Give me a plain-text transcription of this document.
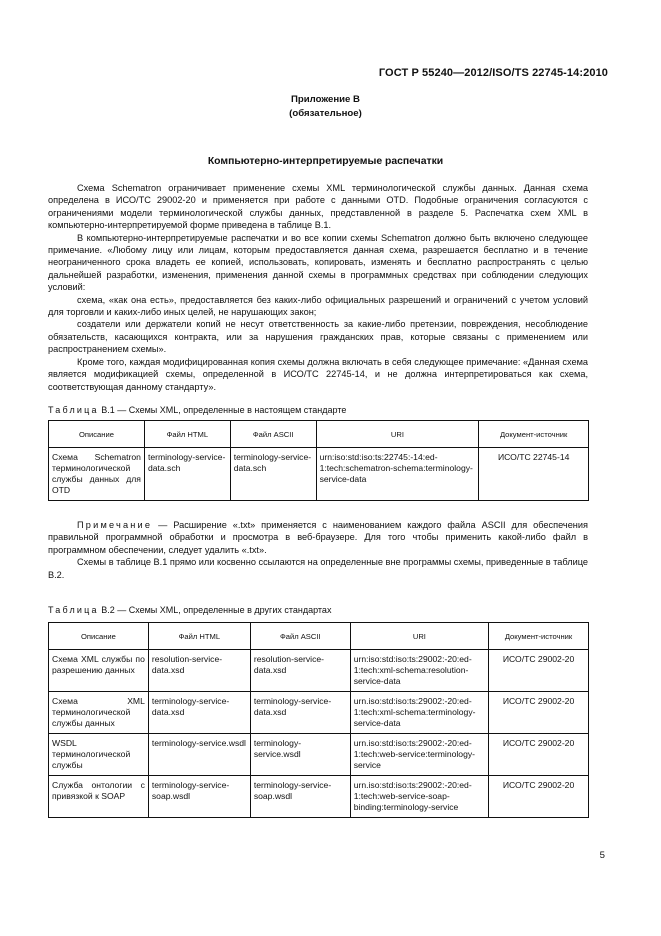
ГОСТ Р 55240—2012/ISO/TS 22745-14:2010
Приложение В
(обязательное)
Компьютерно-интерпретируемые распечатки

Схема Schematron ограничивает применение схемы XML терминологической службы данных. Данная схема определена в ИСО/ТС 29002-20 и применяется при работе с данными OTD. Подобные ограничения согласуются с ограничениями модели терминологической службы данных, представленной в разделе 5. Распечатка схем XML в компьютерно-интерпретируемой форме приведена в таблице В.1.

В компьютерно-интерпретируемые распечатки и во все копии схемы Schematron должно быть включено следующее примечание. «Любому лицу или лицам, которым предоставляется данная схема, разрешается бесплатно и в течение неограниченного срока владеть ее копией, использовать, копировать, изменять и бесплатно распространять с целью дальнейшей разработки, изменения, применения данной схемы в программных средствах при соблюдении следующих условий:

схема, «как она есть», предоставляется без каких-либо официальных разрешений и ограничений с учетом условий для торговли и каких-либо иных целей, не нарушающих закон;

создатели или держатели копий не несут ответственность за какие-либо претензии, повреждения, несоблюдение обязательств, касающихся контракта, или за нарушения гражданских прав, которые связаны с применением или распространением схемы».

Кроме того, каждая модифицированная копия схемы должна включать в себя следующее примечание: «Данная схема является модификацией схемы, определенной в ИСО/ТС 22745-14, и не должна интерпретироваться как схема, соответствующая данному стандарту».

Таблица В.1 — Схемы XML, определенные в настоящем стандарте
Описание	Файл HTML	Файл ASCII	URI	Документ-источник
Схема Schematron терминологической службы данных для OTD	terminology-service-data.sch	terminology-service-data.sch	urn:iso:std:iso:ts:22745:-14:ed-1:tech:schematron-schema:terminology-service-data	ИСО/ТС 22745-14

Примечание — Расширение «.txt» применяется с наименованием каждого файла ASCII для обеспечения правильной программной обработки и просмотра в веб-браузере. Для того чтобы применить какой-либо файл в программном обеспечении, следует удалить «.txt».

Схемы в таблице В.1 прямо или косвенно ссылаются на определенные вне программы схемы, приведенные в таблице В.2.

Таблица В.2 — Схемы XML, определенные в других стандартах
Описание	Файл HTML	Файл ASCII	URI	Документ-источник
Схема XML службы по разрешению данных	resolution-service-data.xsd	resolution-service-data.xsd	urn:iso:std:iso:ts:29002:-20:ed-1:tech:xml-schema:resolution-service-data	ИСО/ТС 29002-20
Схема XML терминологической службы данных	terminology-service-data.xsd	terminology-service-data.xsd	urn.iso:std:iso:ts:29002:-20:ed-1:tech:xml-schema:terminology-service-data	ИСО/ТС 29002-20
WSDL терминологической службы	terminology-service.wsdl	terminology-service.wsdl	urn.iso:std:iso:ts:29002:-20:ed-1:tech:web-service:terminology-service	ИСО/ТС 29002-20
Служба онтологии с привязкой к SOAP	terminology-service-soap.wsdl	terminology-service-soap.wsdl	urn.iso:std:iso:ts:29002:-20:ed-1:tech:web-service-soap-binding:terminology-service	ИСО/ТС 29002-20
5
